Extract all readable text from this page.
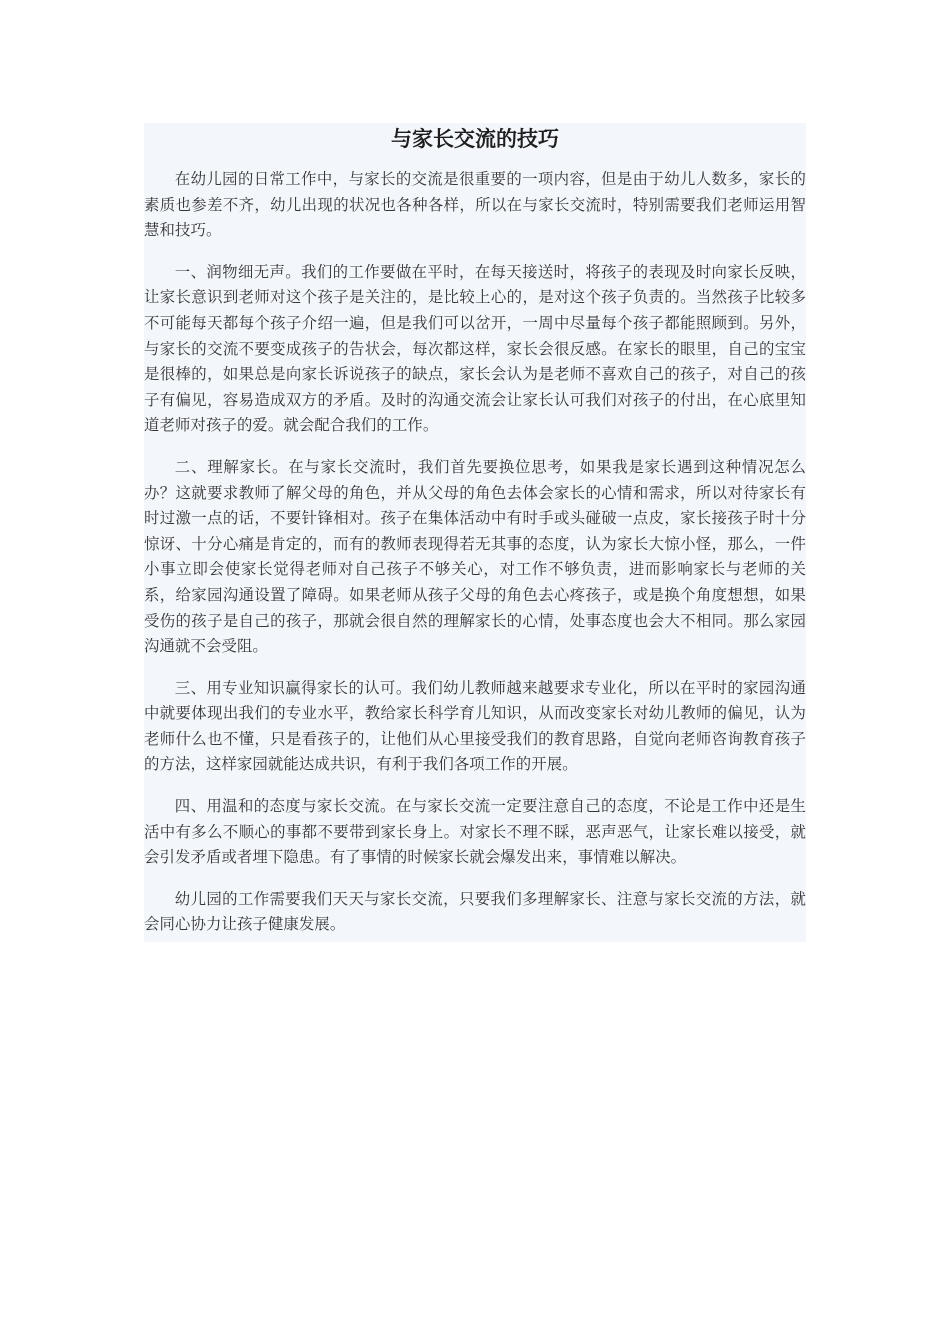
与家长交流的技巧

在幼儿园的日常工作中，与家长的交流是很重要的一项内容，但是由于幼儿人数多，家长的素质也参差不齐，幼儿出现的状况也各种各样，所以在与家长交流时，特别需要我们老师运用智慧和技巧。

一、润物细无声。我们的工作要做在平时，在每天接送时，将孩子的表现及时向家长反映，让家长意识到老师对这个孩子是关注的，是比较上心的，是对这个孩子负责的。当然孩子比较多不可能每天都每个孩子介绍一遍，但是我们可以岔开，一周中尽量每个孩子都能照顾到。另外，与家长的交流不要变成孩子的告状会，每次都这样，家长会很反感。在家长的眼里，自己的宝宝是很棒的，如果总是向家长诉说孩子的缺点，家长会认为是老师不喜欢自己的孩子，对自己的孩子有偏见，容易造成双方的矛盾。及时的沟通交流会让家长认可我们对孩子的付出，在心底里知道老师对孩子的爱。就会配合我们的工作。

二、理解家长。在与家长交流时，我们首先要换位思考，如果我是家长遇到这种情况怎么办？这就要求教师了解父母的角色，并从父母的角色去体会家长的心情和需求，所以对待家长有时过激一点的话，不要针锋相对。孩子在集体活动中有时手或头碰破一点皮，家长接孩子时十分惊讶、十分心痛是肯定的，而有的教师表现得若无其事的态度，认为家长大惊小怪，那么，一件小事立即会使家长觉得老师对自己孩子不够关心，对工作不够负责，进而影响家长与老师的关系，给家园沟通设置了障碍。如果老师从孩子父母的角色去心疼孩子，或是换个角度想想，如果受伤的孩子是自己的孩子，那就会很自然的理解家长的心情，处事态度也会大不相同。那么家园沟通就不会受阻。

三、用专业知识赢得家长的认可。我们幼儿教师越来越要求专业化，所以在平时的家园沟通中就要体现出我们的专业水平，教给家长科学育儿知识，从而改变家长对幼儿教师的偏见，认为老师什么也不懂，只是看孩子的，让他们从心里接受我们的教育思路，自觉向老师咨询教育孩子的方法，这样家园就能达成共识，有利于我们各项工作的开展。

四、用温和的态度与家长交流。在与家长交流一定要注意自己的态度，不论是工作中还是生活中有多么不顺心的事都不要带到家长身上。对家长不理不睬，恶声恶气，让家长难以接受，就会引发矛盾或者埋下隐患。有了事情的时候家长就会爆发出来，事情难以解决。

幼儿园的工作需要我们天天与家长交流，只要我们多理解家长、注意与家长交流的方法，就会同心协力让孩子健康发展。
